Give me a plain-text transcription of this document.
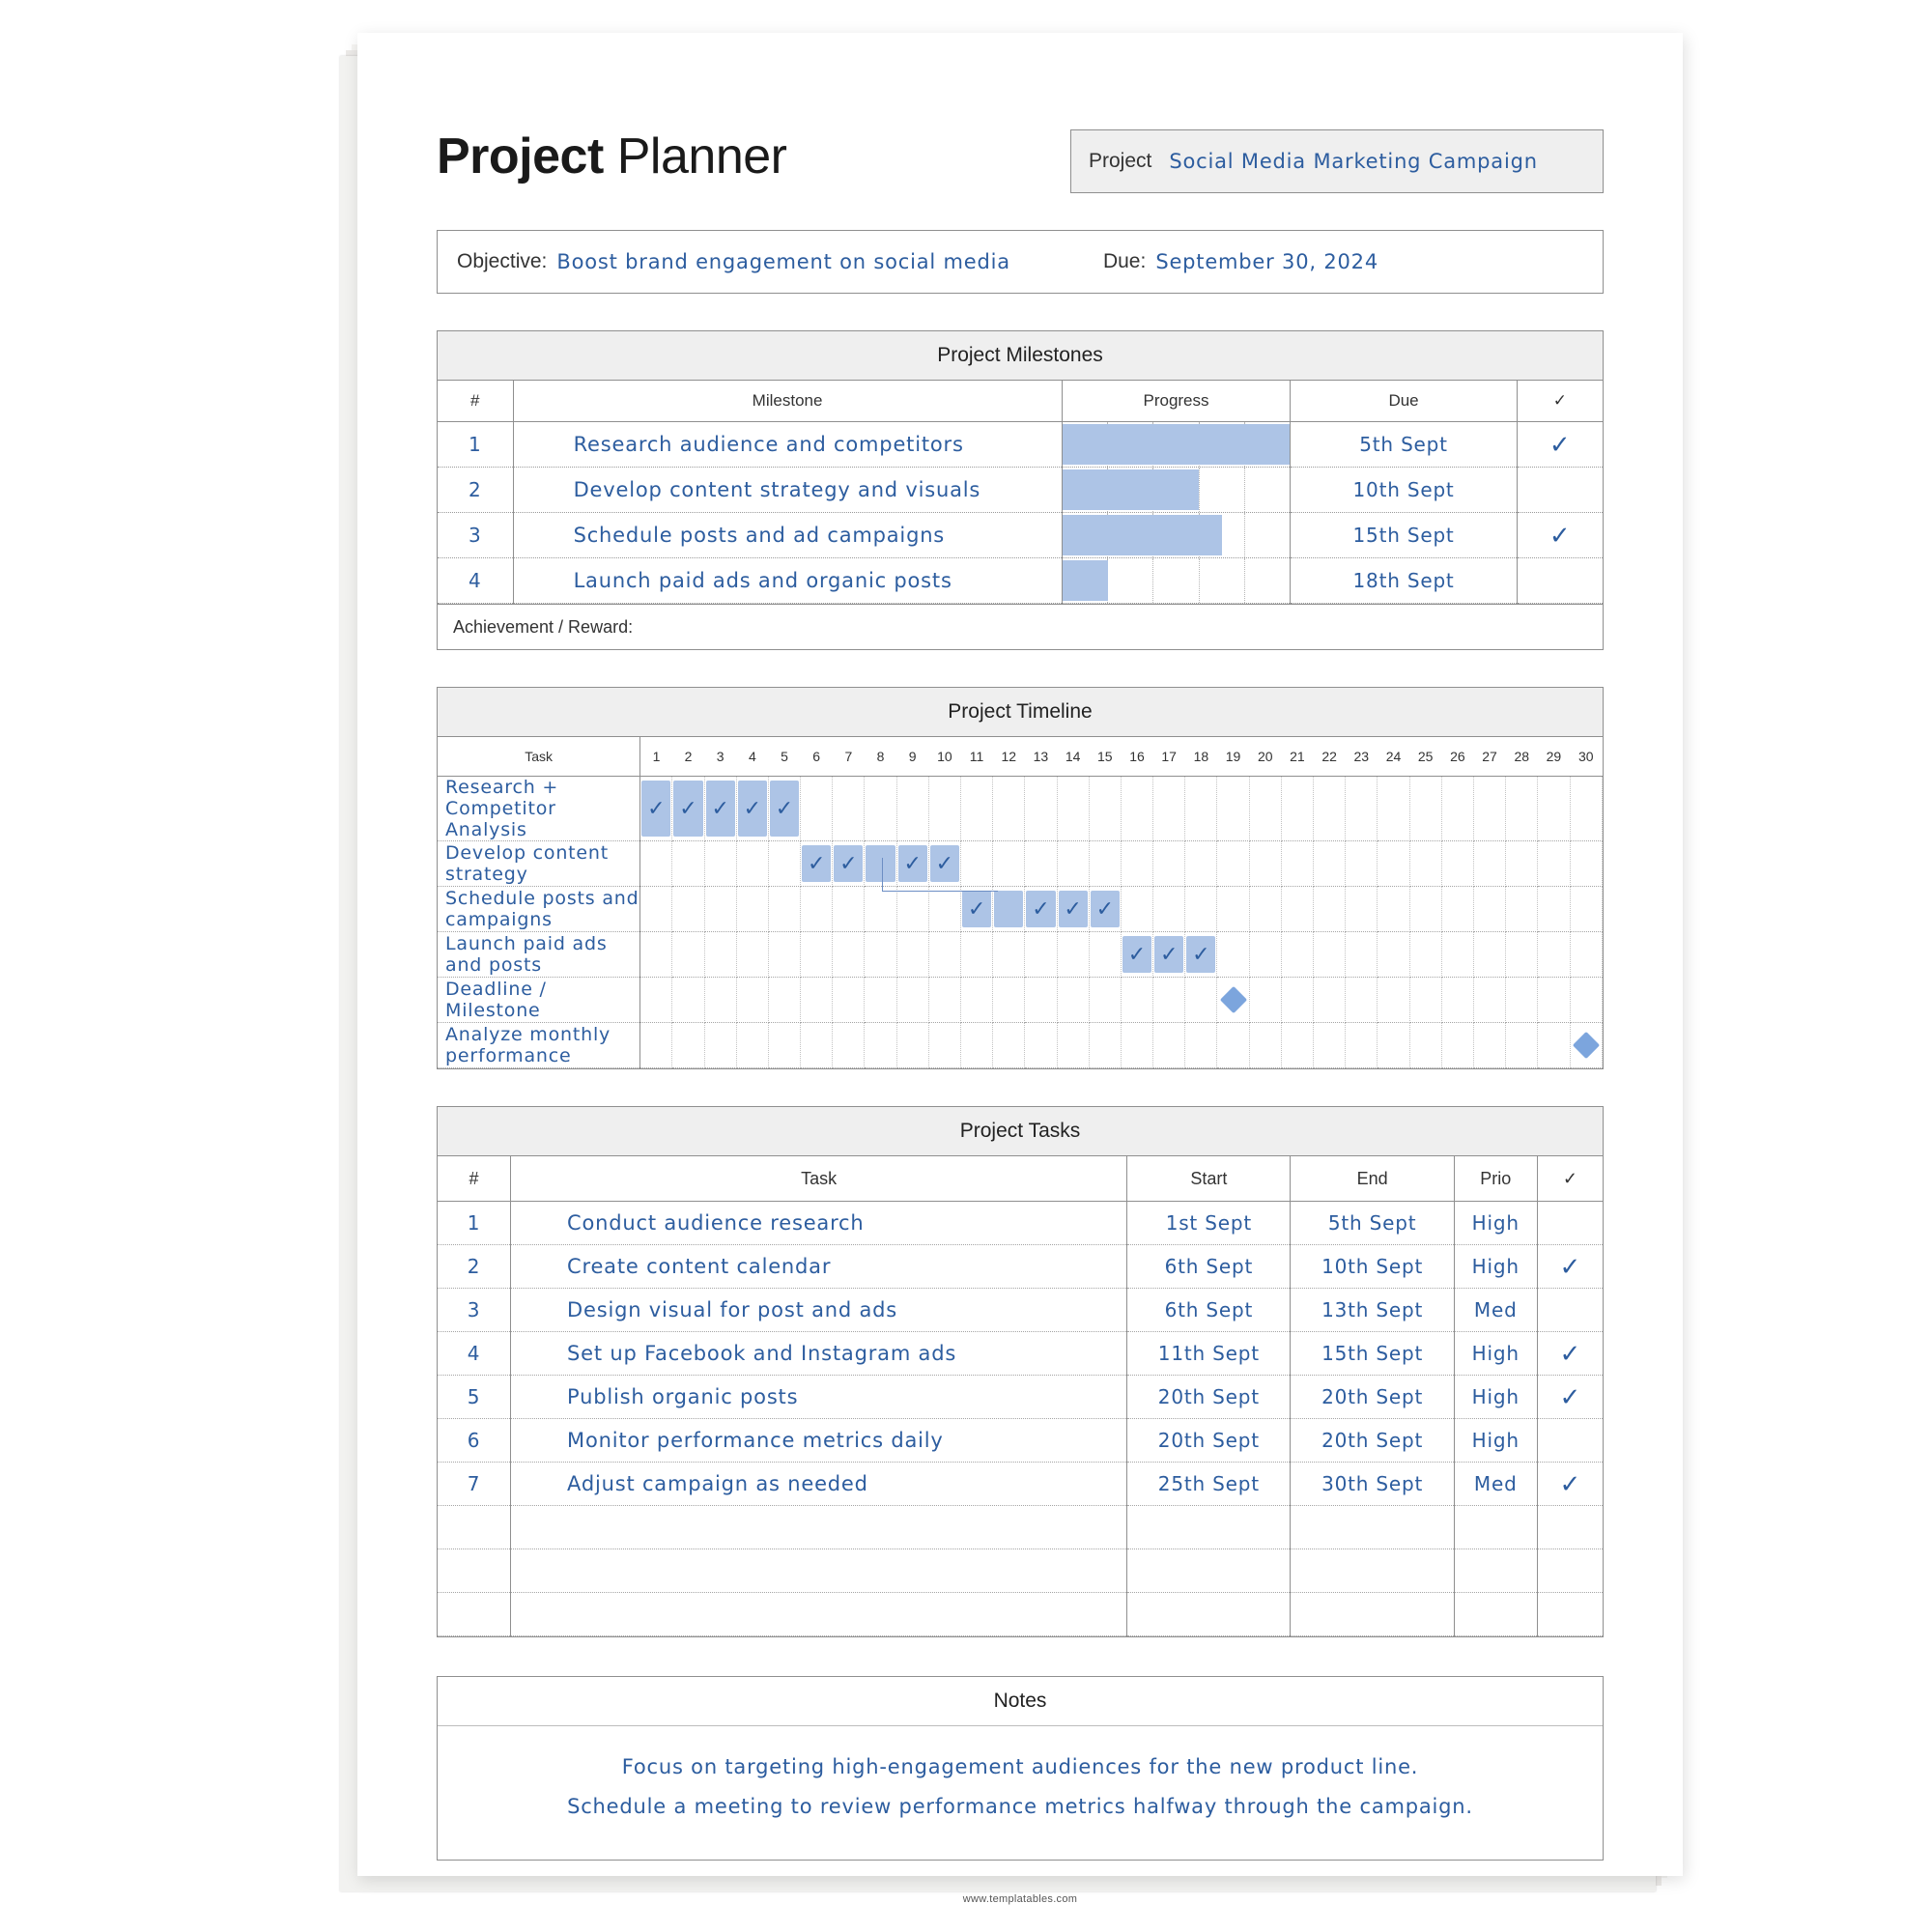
Project Planner	Project Social Media Marketing Campaign
Objective: Boost brand engagement on social media	Due: September 30, 2024
Project Milestones
#	Milestone	Progress	Due	✓
1	Research audience and competitors		5th Sept	✓
2	Develop content strategy and visuals		10th Sept	
3	Schedule posts and ad campaigns		15th Sept	✓
4	Launch paid ads and organic posts		18th Sept	
Achievement / Reward:
Project Timeline
Task	1	2	3	4	5	6	7	8	9	10	11	12	13	14	15	16	17	18	19	20	21	22	23	24	25	26	27	28	29	30
Research + Competitor Analysis	✓	✓	✓	✓	✓																									

Develop content strategy						✓	✓		✓	✓																				

Schedule posts and campaigns											✓		✓	✓	✓															

Launch paid ads and posts																✓	✓	✓												

Deadline / Milestone																			

Analyze monthly performance																														
Project Tasks
#	Task	Start	End	Prio	✓
1	Conduct audience research	1st Sept	5th Sept	High	
2	Create content calendar	6th Sept	10th Sept	High	✓
3	Design visual for post and ads	6th Sept	13th Sept	Med	
4	Set up Facebook and Instagram ads	11th Sept	15th Sept	High	✓
5	Publish organic posts	20th Sept	20th Sept	High	✓
6	Monitor performance metrics daily	20th Sept	20th Sept	High	
7	Adjust campaign as needed	25th Sept	30th Sept	Med	✓

Notes
Focus on targeting high-engagement audiences for the new product line.
Schedule a meeting to review performance metrics halfway through the campaign.
www.templatables.com
